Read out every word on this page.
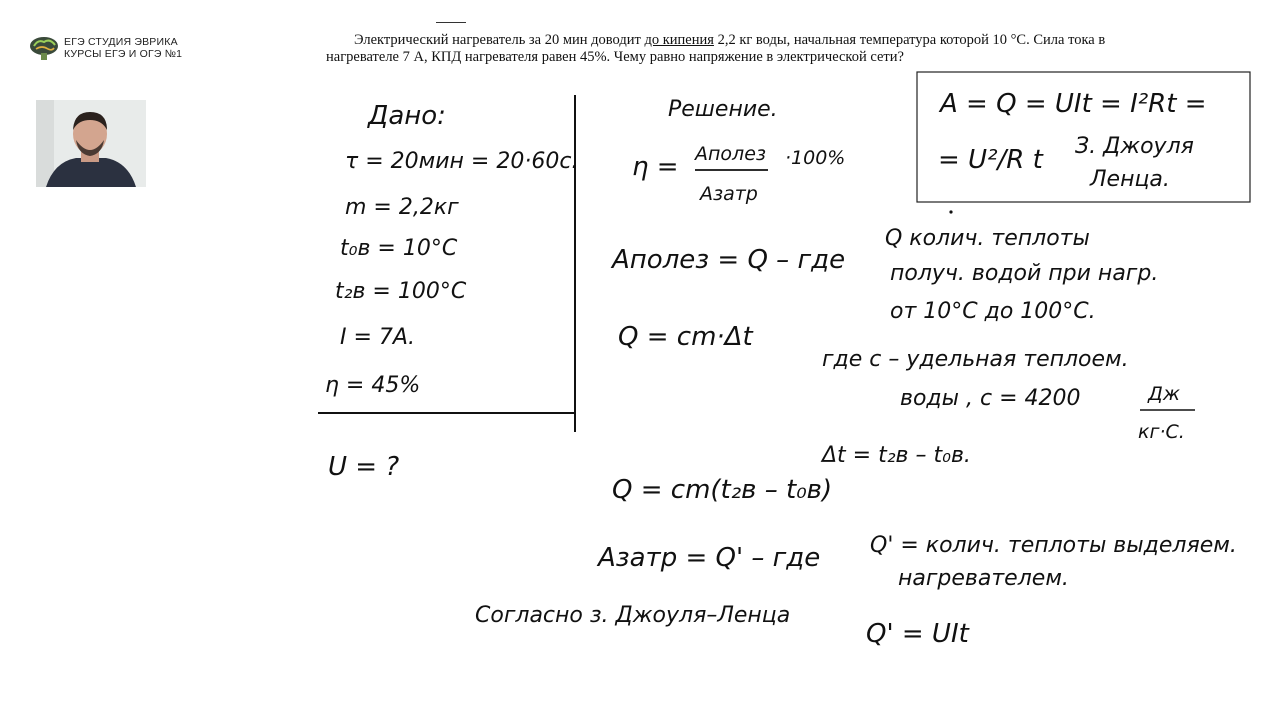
ЕГЭ СТУДИЯ ЭВРИКА
КУРСЫ ЕГЭ И ОГЭ №1
Электрический нагреватель за 20 мин доводит до кипения 2,2 кг воды, начальная температура которой 10 °С. Сила тока в нагревателе 7 А, КПД нагревателя равен 45%. Чему равно напряжение в электрической сети?
Дано:
τ = 20мин = 20·60с.
m = 2,2кг
t₀в = 10°С
t₂в = 100°С
I = 7А.
η = 45%
U = ?
A = Q = UIt = I²Rt =
= U²/R t З. Джоуля
Ленца.
Решение.
η = Aполез
Aзатр
·100%
Aполез = Q – где
Q колич. теплоты
получ. водой при нагр.
от 10°С до 100°С.
Q = cm·Δt
где с – удельная теплоем.
воды , с = 4200	Дж
кг·С.
Δt = t₂в – t₀в.
Q = cm(t₂в – t₀в)
Aзатр = Q' – где Q' = колич. теплоты выделяем.
нагревателем.
Согласно з. Джоуля–Ленца
Q' = UIt
